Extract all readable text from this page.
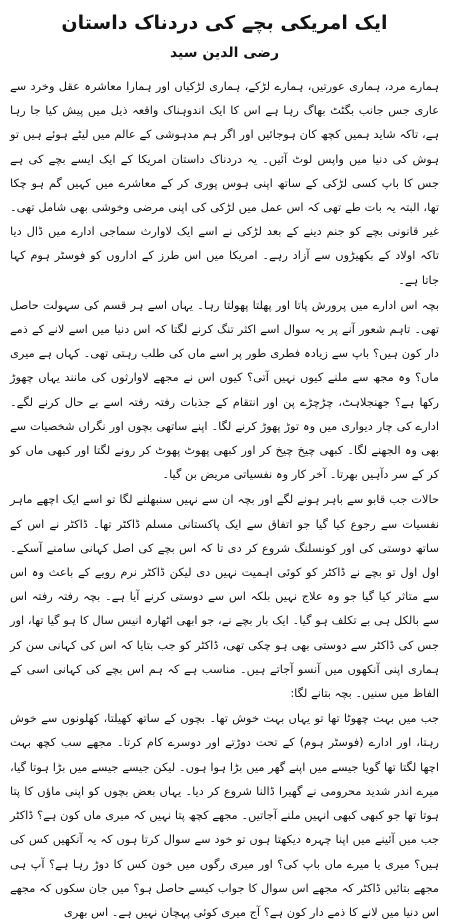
ایک امریکی بچے کی دردناک داستان
رضی الدین سید

ہمارے مرد، ہماری عورتیں، ہمارے لڑکے، ہماری لڑکیاں اور ہمارا معاشرہ عقل وخرد سے عاری جس جانب بگٹٹ بھاگ رہا ہے اس کا ایک اندوہناک واقعہ ذیل میں پیش کیا جا رہا ہے، تاکہ شاید ہمیں کچھ کان ہوجائیں اور اگر ہم مدہوشی کے عالم میں لیٹے ہوئے ہیں تو ہوش کی دنیا میں واپس لوٹ آئیں۔ یہ دردناک داستان امریکا کے ایک ایسے بچے کی ہے جس کا باپ کسی لڑکی کے ساتھ اپنی ہوس پوری کر کے معاشرے میں کہیں گم ہو چکا تھا، البتہ یہ بات طے تھی کہ اس عمل میں لڑکی کی اپنی مرضی وخوشی بھی شامل تھی۔ غیر قانونی بچے کو جنم دینے کے بعد لڑکی نے اسے ایک لاوارث سماجی ادارے میں ڈال دیا تاکہ اولاد کے بکھیڑوں سے آزاد رہے۔ امریکا میں اس طرز کے اداروں کو فوسٹر ہوم کہا جاتا ہے۔

بچہ اس ادارے میں پرورش پاتا اور پھلتا پھولتا رہا۔ یہاں اسے ہر قسم کی سہولت حاصل تھی۔ تاہم شعور آنے پر یہ سوال اسے اکثر تنگ کرنے لگتا کہ اس دنیا میں اسے لانے کے ذمے دار کون ہیں؟ باپ سے زیادہ فطری طور پر اسے ماں کی طلب رہتی تھی۔ کہاں ہے میری ماں؟ وہ مجھ سے ملنے کیوں نہیں آتی؟ کیوں اس نے مجھے لاوارثوں کی مانند یہاں چھوڑ رکھا ہے؟ جھنجلاہٹ، چڑچڑے پن اور انتقام کے جذبات رفتہ رفتہ اسے بے حال کرنے لگے۔ ادارے کی چار دیواری میں وہ توڑ پھوڑ کرنے لگا۔ اپنے ساتھی بچوں اور نگراں شخصیات سے بھی وہ الجھنے لگا۔ کبھی چیخ چیخ کر اور کبھی پھوٹ پھوٹ کر رونے لگتا اور کبھی ماں کو کر کے سر دآہیں بھرتا۔ آخر کار وہ نفسیاتی مریض بن گیا۔

حالات جب قابو سے باہر ہونے لگے اور بچہ ان سے نہیں سنبھلنے لگا تو اسے ایک اچھے ماہر نفسیات سے رجوع کیا گیا جو اتفاق سے ایک پاکستانی مسلم ڈاکٹر تھا۔ ڈاکٹر نے اس کے ساتھ دوستی کی اور کونسلنگ شروع کر دی تا کہ اس بچے کی اصل کہانی سامنے آسکے۔ اول اول تو بچے نے ڈاکٹر کو کوئی اہمیت نہیں دی لیکن ڈاکٹر نرم رویے کے باعث وہ اس سے متاثر کیا گیا جو وہ علاج نہیں بلکہ اس سے دوستی کرنے آیا ہے۔ بچہ رفتہ رفتہ اس سے بالکل ہی بے تکلف ہو گیا۔ ایک بار بچے نے، جو ابھی اٹھارہ انیس سال کا ہو گیا تھا، اور جس کی ڈاکٹر سے دوستی بھی ہو چکی تھی، ڈاکٹر کو جب بتایا کہ اس کی کہانی سن کر ہماری اپنی آنکھوں میں آنسو آجاتے ہیں۔ مناسب ہے کہ ہم اس بچے کی کہانی اسی کے الفاظ میں سنیں۔ بچہ بتانے لگا:

جب میں بہت چھوٹا تھا تو یہاں بہت خوش تھا۔ بچوں کے ساتھ کھیلتا، کھلونوں سے خوش رہتا، اور ادارے (فوسٹر ہوم) کے تحت دوڑتے اور دوسرے کام کرتا۔ مجھے سب کچھ بہت اچھا لگتا تھا گویا جیسے میں اپنے گھر میں بڑا ہوا ہوں۔ لیکن جیسے جیسے میں بڑا ہوتا گیا، میرے اندر شدید محرومی نے گھیرا ڈالنا شروع کر دیا۔ یہاں بعض بچوں کو اپنی ماؤں کا پتا ہوتا تھا جو کبھی کبھی انہیں ملنے آجاتیں۔ مجھے کچھ پتا نہیں کہ میری ماں کون ہے؟ ڈاکٹر جب میں آئینے میں اپنا چہرہ دیکھتا ہوں تو خود سے سوال کرتا ہوں کہ یہ آنکھیں کس کی ہیں؟ میری یا میرے ماں باپ کی؟ اور میری رگوں میں خون کس کا دوڑ رہا ہے؟ آپ ہی مجھے بتائیں ڈاکٹر کہ مجھے اس سوال کا جواب کیسے حاصل ہو؟ میں جان سکوں کہ مجھے اس دنیا میں لانے کا ذمے دار کون ہے؟ آج میری کوئی پہچان نہیں ہے۔ اس بھری
